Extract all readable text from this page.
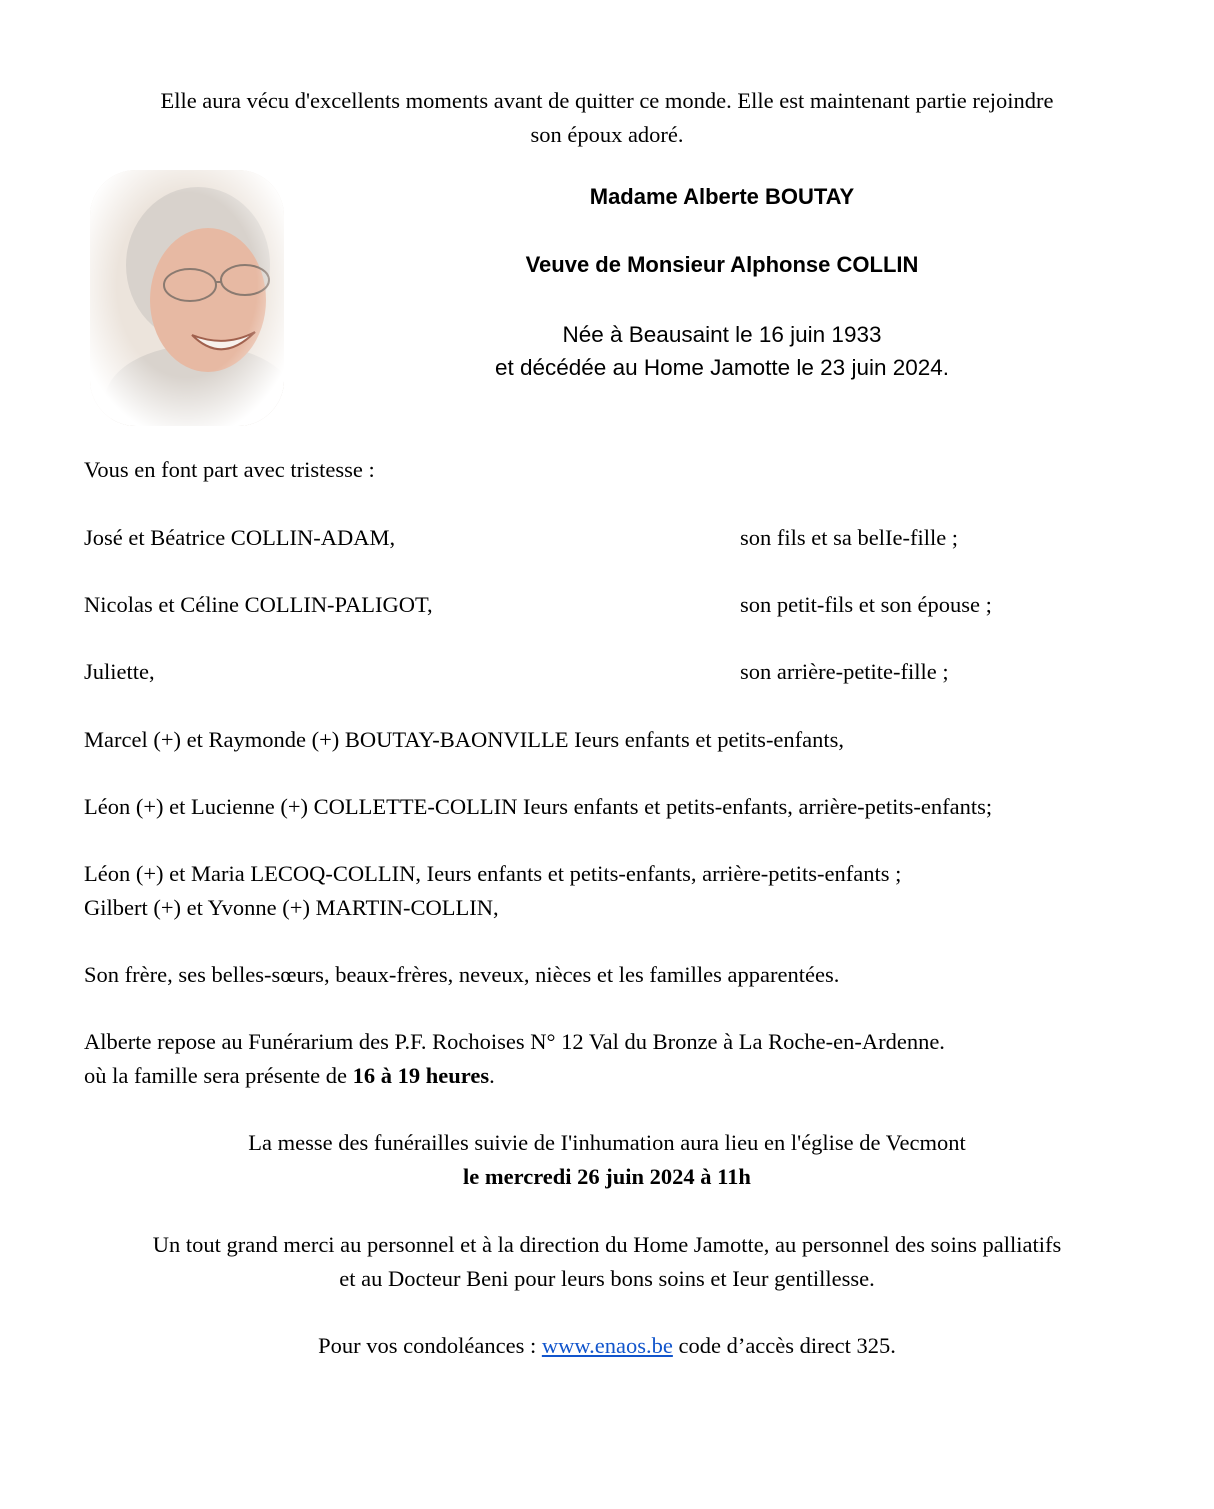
Elle aura vécu d'excellents moments avant de quitter ce monde. Elle est maintenant partie rejoindre
son époux adoré.
Madame Alberte BOUTAY
Veuve de Monsieur Alphonse COLLIN
Née à Beausaint le 16 juin 1933
et décédée au Home Jamotte le 23 juin 2024.
Vous en font part avec tristesse :
José et Béatrice COLLIN-ADAM,	son fils et sa belIe-fille ;
Nicolas et Céline COLLIN-PALIGOT,	son petit-fils et son épouse ;
Juliette,	son arrière-petite-fille ;
Marcel (+) et Raymonde (+) BOUTAY-BAONVILLE Ieurs enfants et petits-enfants,
Léon (+) et Lucienne (+) COLLETTE-COLLIN Ieurs enfants et petits-enfants, arrière-petits-enfants;
Léon (+) et Maria LECOQ-COLLIN, Ieurs enfants et petits-enfants, arrière-petits-enfants ;
Gilbert (+) et Yvonne (+) MARTIN-COLLIN,
Son frère, ses belles-sœurs, beaux-frères, neveux, nièces et les familles apparentées.
Alberte repose au Funérarium des P.F. Rochoises N° 12 Val du Bronze à La Roche-en-Ardenne.
où la famille sera présente de 16 à 19 heures.
La messe des funérailles suivie de I'inhumation aura lieu en l'église de Vecmont
le mercredi 26 juin 2024 à 11h
Un tout grand merci au personnel et à la direction du Home Jamotte, au personnel des soins palliatifs
et au Docteur Beni pour leurs bons soins et Ieur gentillesse.
Pour vos condoléances : www.enaos.be code d’accès direct 325.
